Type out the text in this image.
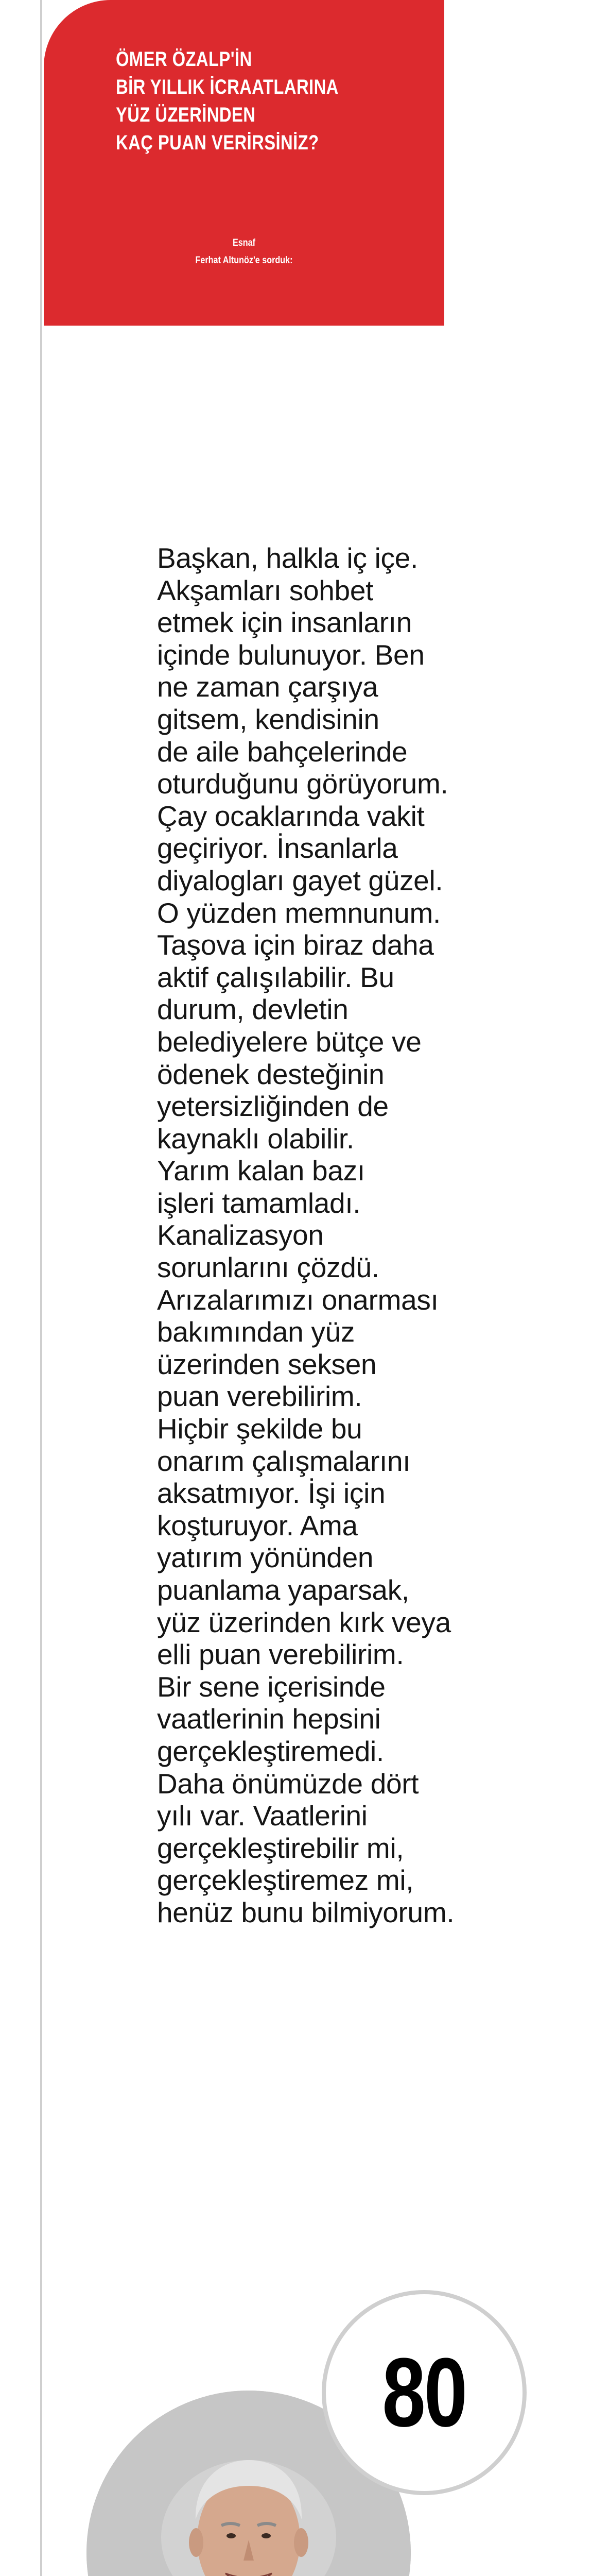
ÖMER ÖZALP'İN
BİR YILLIK İCRAATLARINA
YÜZ ÜZERİNDEN
KAÇ PUAN VERİRSİNİZ?
Esnaf
Ferhat Altunöz'e sorduk:
Başkan, halkla iç içe.
Akşamları sohbet
etmek için insanların
içinde bulunuyor. Ben
ne zaman çarşıya
gitsem, kendisinin
de aile bahçelerinde
oturduğunu görüyorum.
Çay ocaklarında vakit
geçiriyor. İnsanlarla
diyalogları gayet güzel.
O yüzden memnunum.
Taşova için biraz daha
aktif çalışılabilir. Bu
durum, devletin
belediyelere bütçe ve
ödenek desteğinin
yetersizliğinden de
kaynaklı olabilir.
Yarım kalan bazı
işleri tamamladı.
Kanalizasyon
sorunlarını çözdü.
Arızalarımızı onarması
bakımından yüz
üzerinden seksen
puan verebilirim.
Hiçbir şekilde bu
onarım çalışmalarını
aksatmıyor. İşi için
koşturuyor. Ama
yatırım yönünden
puanlama yaparsak,
yüz üzerinden kırk veya
elli puan verebilirim.
Bir sene içerisinde
vaatlerinin hepsini
gerçekleştiremedi.
Daha önümüzde dört
yılı var. Vaatlerini
gerçekleştirebilir mi,
gerçekleştiremez mi,
henüz bunu bilmiyorum.
80
